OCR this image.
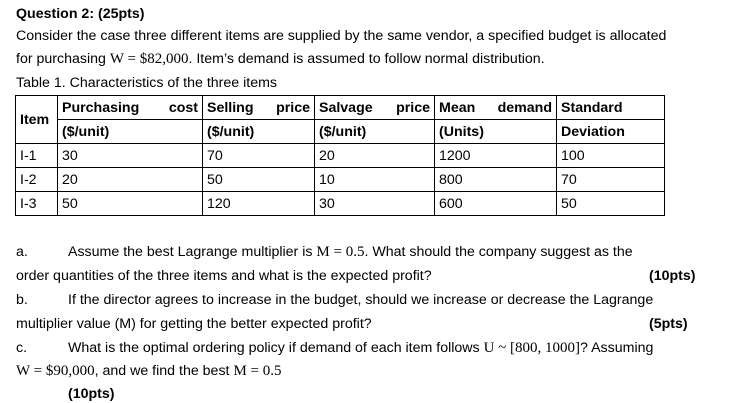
Question 2: (25pts)
Consider the case three different items are supplied by the same vendor, a specified budget is allocated
for purchasing W = $82,000. Item’s demand is assumed to follow normal distribution.
Table 1. Characteristics of the three items
Item	Purchasing cost	Selling price	Salvage price	Mean demand	Standard
	($/unit)	($/unit)	($/unit)	(Units)	Deviation
I-1	30	70	20	1200	100
I-2	20	50	10	800	70
I-3	50	120	30	600	50
a.	Assume the best Lagrange multiplier is M = 0.5. What should the company suggest as the
order quantities of the three items and what is the expected profit?	(10pts)
b.	If the director agrees to increase in the budget, should we increase or decrease the Lagrange
multiplier value (M) for getting the better expected profit?	(5pts)
c.	What is the optimal ordering policy if demand of each item follows U ~ [800, 1000]? Assuming
W = $90,000, and we find the best M = 0.5
(10pts)
